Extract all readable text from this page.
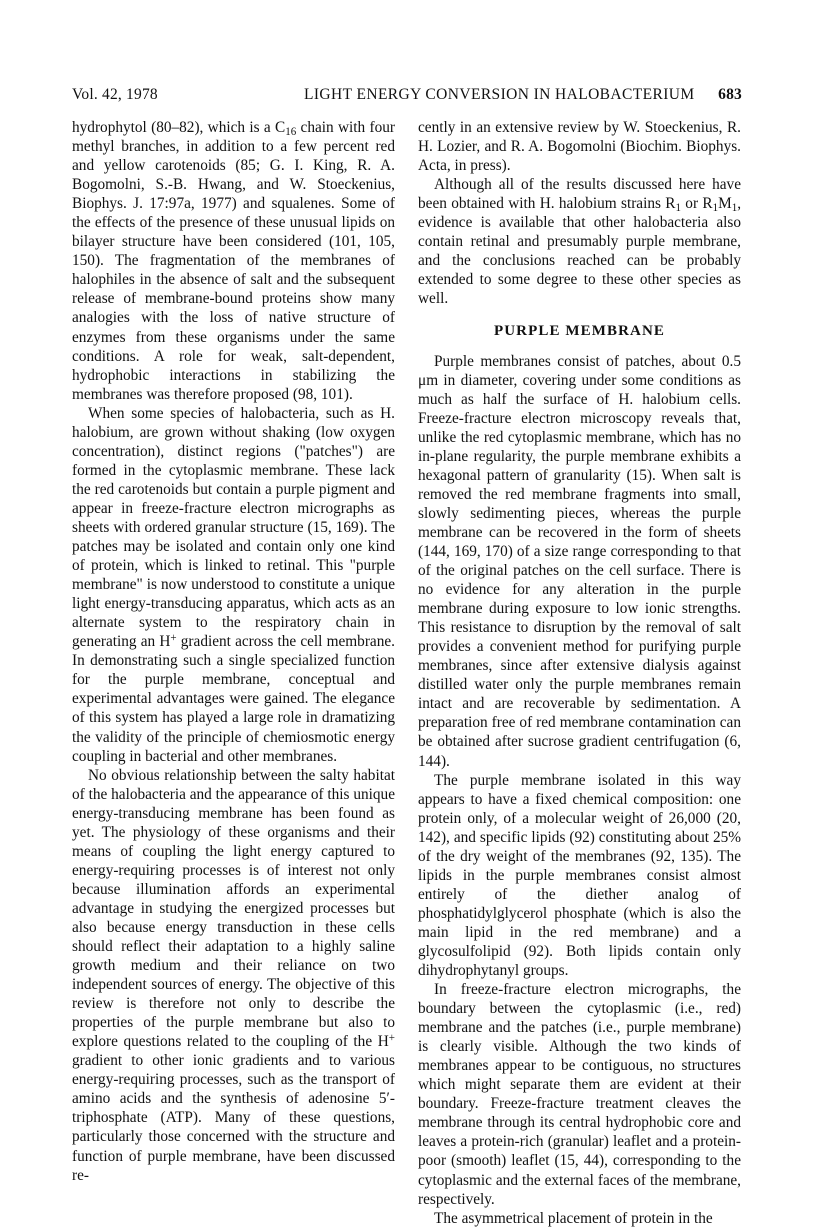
Vol. 42, 1978	LIGHT ENERGY CONVERSION IN HALOBACTERIUM 683

hydrophytol (80–82), which is a $C_{16}$ chain with four methyl branches, in addition to a few percent red and yellow carotenoids (85; G. I. King, R. A. Bogomolni, S.-B. Hwang, and W. Stoeckenius, Biophys. J. 17:97a, 1977) and squalenes. Some of the effects of the presence of these unusual lipids on bilayer structure have been considered (101, 105, 150). The fragmentation of the membranes of halophiles in the absence of salt and the subsequent release of membrane-bound proteins show many analogies with the loss of native structure of enzymes from these organisms under the same conditions. A role for weak, salt-dependent, hydrophobic interactions in stabilizing the membranes was therefore proposed (98, 101).

When some species of halobacteria, such as H. halobium, are grown without shaking (low oxygen concentration), distinct regions ("patches") are formed in the cytoplasmic membrane. These lack the red carotenoids but contain a purple pigment and appear in freeze-fracture electron micrographs as sheets with ordered granular structure (15, 169). The patches may be isolated and contain only one kind of protein, which is linked to retinal. This "purple membrane" is now understood to constitute a unique light energy-transducing apparatus, which acts as an alternate system to the respiratory chain in generating an H+ gradient across the cell membrane. In demonstrating such a single specialized function for the purple membrane, conceptual and experimental advantages were gained. The elegance of this system has played a large role in dramatizing the validity of the principle of chemiosmotic energy coupling in bacterial and other membranes.

No obvious relationship between the salty habitat of the halobacteria and the appearance of this unique energy-transducing membrane has been found as yet. The physiology of these organisms and their means of coupling the light energy captured to energy-requiring processes is of interest not only because illumination affords an experimental advantage in studying the energized processes but also because energy transduction in these cells should reflect their adaptation to a highly saline growth medium and their reliance on two independent sources of energy. The objective of this review is therefore not only to describe the properties of the purple membrane but also to explore questions related to the coupling of the H+ gradient to other ionic gradients and to various energy-requiring processes, such as the transport of amino acids and the synthesis of adenosine 5′-triphosphate (ATP). Many of these questions, particularly those concerned with the structure and function of purple membrane, have been discussed re-

cently in an extensive review by W. Stoeckenius, R. H. Lozier, and R. A. Bogomolni (Biochim. Biophys. Acta, in press).

Although all of the results discussed here have been obtained with H. halobium strains $R_1$ or $R_1M_1$, evidence is available that other halobacteria also contain retinal and presumably purple membrane, and the conclusions reached can be probably extended to some degree to these other species as well.

PURPLE MEMBRANE

Purple membranes consist of patches, about 0.5 μm in diameter, covering under some conditions as much as half the surface of H. halobium cells. Freeze-fracture electron microscopy reveals that, unlike the red cytoplasmic membrane, which has no in-plane regularity, the purple membrane exhibits a hexagonal pattern of granularity (15). When salt is removed the red membrane fragments into small, slowly sedimenting pieces, whereas the purple membrane can be recovered in the form of sheets (144, 169, 170) of a size range corresponding to that of the original patches on the cell surface. There is no evidence for any alteration in the purple membrane during exposure to low ionic strengths. This resistance to disruption by the removal of salt provides a convenient method for purifying purple membranes, since after extensive dialysis against distilled water only the purple membranes remain intact and are recoverable by sedimentation. A preparation free of red membrane contamination can be obtained after sucrose gradient centrifugation (6, 144).

The purple membrane isolated in this way appears to have a fixed chemical composition: one protein only, of a molecular weight of 26,000 (20, 142), and specific lipids (92) constituting about 25% of the dry weight of the membranes (92, 135). The lipids in the purple membranes consist almost entirely of the diether analog of phosphatidylglycerol phosphate (which is also the main lipid in the red membrane) and a glycosulfolipid (92). Both lipids contain only dihydrophytanyl groups.

In freeze-fracture electron micrographs, the boundary between the cytoplasmic (i.e., red) membrane and the patches (i.e., purple membrane) is clearly visible. Although the two kinds of membranes appear to be contiguous, no structures which might separate them are evident at their boundary. Freeze-fracture treatment cleaves the membrane through its central hydrophobic core and leaves a protein-rich (granular) leaflet and a protein-poor (smooth) leaflet (15, 44), corresponding to the cytoplasmic and the external faces of the membrane, respectively.

The asymmetrical placement of protein in the
